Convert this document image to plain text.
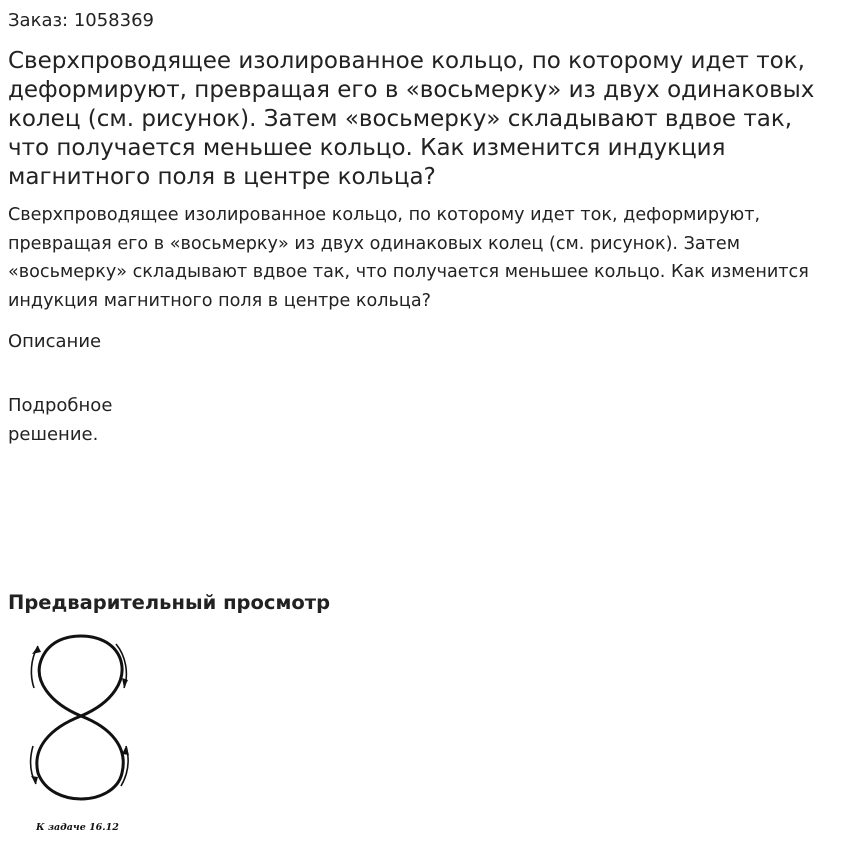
Заказ: 1058369
Сверхпроводящее изолированное кольцо, по которому идет ток, деформируют, превращая его в «восьмерку» из двух одинаковых колец (см. рисунок). Затем «восьмерку» складывают вдвое так, что получается меньшее кольцо. Как изменится индукция магнитного поля в центре кольца?

Сверхпроводящее изолированное кольцо, по которому идет ток, деформируют, превращая его в «восьмерку» из двух одинаковых колец (см. рисунок). Затем «восьмерку» складывают вдвое так, что получается меньшее кольцо. Как изменится индукция магнитного поля в центре кольца?

Описание
Подробное решение.
Предварительный просмотр
К задаче 16.12
